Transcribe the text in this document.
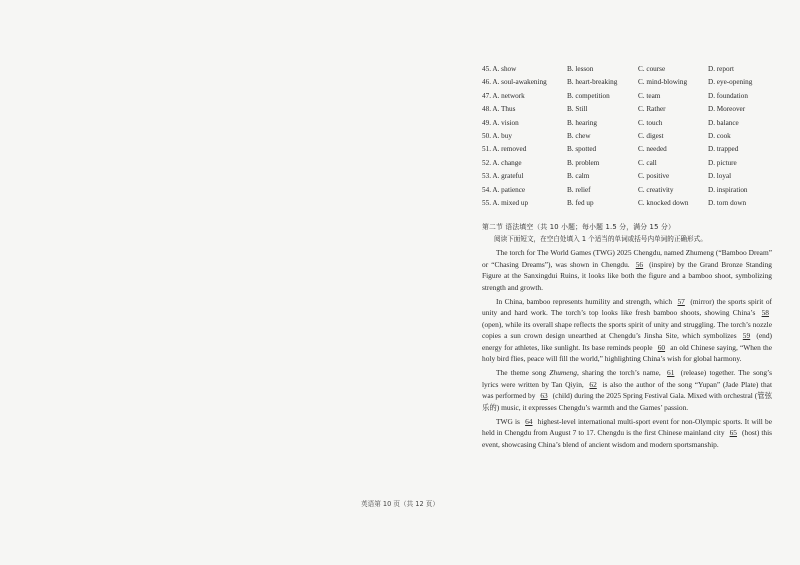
45. A. show	B. lesson	C. course	D. report
46. A. soul-awakening	B. heart-breaking	C. mind-blowing	D. eye-opening
47. A. network	B. competition	C. team	D. foundation
48. A. Thus	B. Still	C. Rather	D. Moreover
49. A. vision	B. hearing	C. touch	D. balance
50. A. buy	B. chew	C. digest	D. cook
51. A. removed	B. spotted	C. needed	D. trapped
52. A. change	B. problem	C. call	D. picture
53. A. grateful	B. calm	C. positive	D. loyal
54. A. patience	B. relief	C. creativity	D. inspiration
55. A. mixed up	B. fed up	C. knocked down	D. torn down
第二节 语法填空（共 10 小题；每小题 1.5 分，满分 15 分）
阅读下面短文，在空白处填入 1 个适当的单词或括号内单词的正确形式。

The torch for The World Games (TWG) 2025 Chengdu, named Zhumeng (“Bamboo Dream” or “Chasing Dreams”), was shown in Chengdu. 56 (inspire) by the Grand Bronze Standing Figure at the Sanxingdui Ruins, it looks like both the figure and a bamboo shoot, symbolizing strength and growth.

In China, bamboo represents humility and strength, which 57 (mirror) the sports spirit of unity and hard work. The torch’s top looks like fresh bamboo shoots, showing China’s 58 (open), while its overall shape reflects the sports spirit of unity and struggling. The torch’s nozzle copies a sun crown design unearthed at Chengdu’s Jinsha Site, which symbolizes 59 (end) energy for athletes, like sunlight. Its base reminds people 60 an old Chinese saying, “When the holy bird flies, peace will fill the world,” highlighting China’s wish for global harmony.

The theme song Zhumeng, sharing the torch’s name, 61 (release) together. The song’s lyrics were written by Tan Qiyin, 62 is also the author of the song “Yupan” (Jade Plate) that was performed by 63 (child) during the 2025 Spring Festival Gala. Mixed with orchestral (管弦乐的) music, it expresses Chengdu’s warmth and the Games’ passion.

TWG is 64 highest-level international multi-sport event for non-Olympic sports. It will be held in Chengdu from August 7 to 17. Chengdu is the first Chinese mainland city 65 (host) this event, showcasing China’s blend of ancient wisdom and modern sportsmanship.

英语第 10 页（共 12 页）
